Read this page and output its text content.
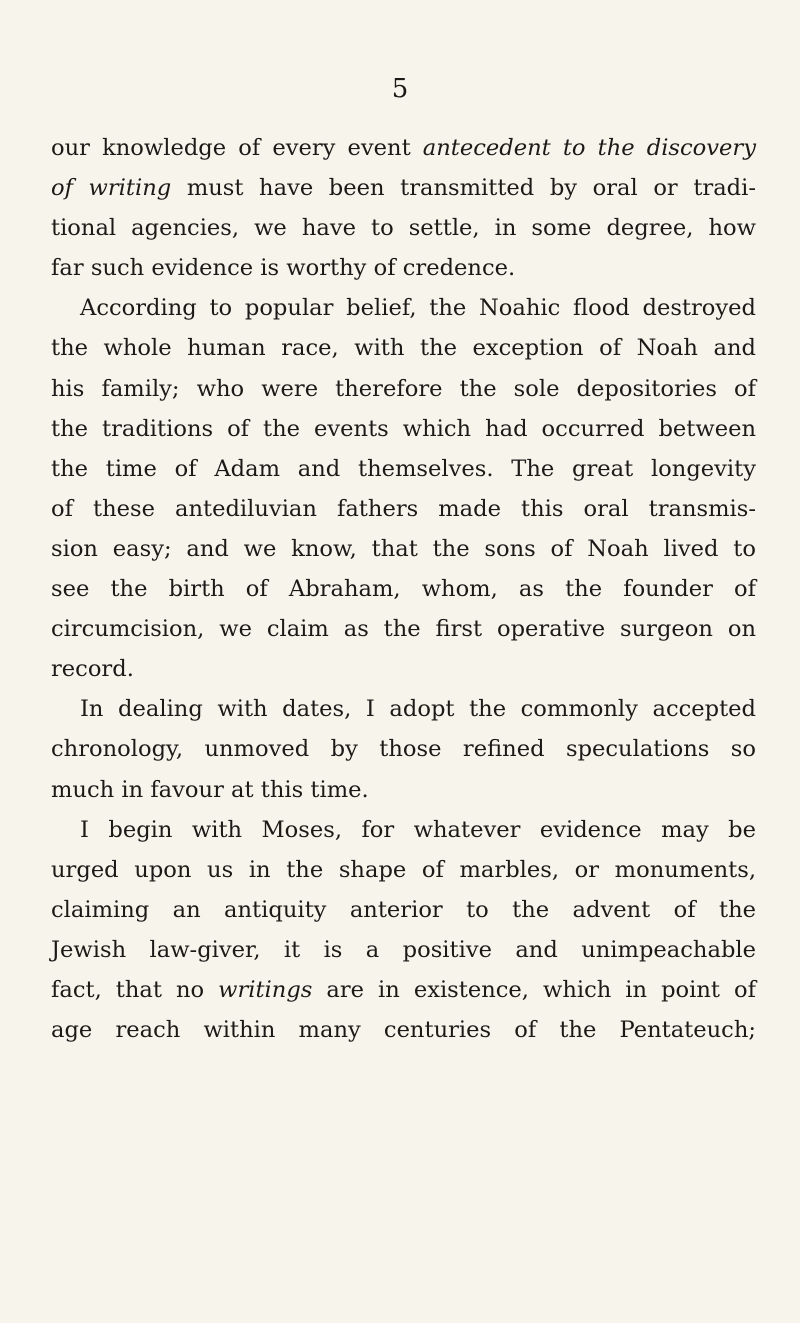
5
our knowledge of every event antecedent to the discovery
of writing must have been transmitted by oral or tradi-
tional agencies, we have to settle, in some degree, how
far such evidence is worthy of credence.
According to popular belief, the Noahic flood destroyed
the whole human race, with the exception of Noah and
his family; who were therefore the sole depositories of
the traditions of the events which had occurred between
the time of Adam and themselves. The great longevity
of these antediluvian fathers made this oral transmis-
sion easy; and we know, that the sons of Noah lived to
see the birth of Abraham, whom, as the founder of
circumcision, we claim as the first operative surgeon on
record.
In dealing with dates, I adopt the commonly accepted
chronology, unmoved by those refined speculations so
much in favour at this time.
I begin with Moses, for whatever evidence may be
urged upon us in the shape of marbles, or monuments,
claiming an antiquity anterior to the advent of the
Jewish law-giver, it is a positive and unimpeachable
fact, that no writings are in existence, which in point of
age reach within many centuries of the Pentateuch;
